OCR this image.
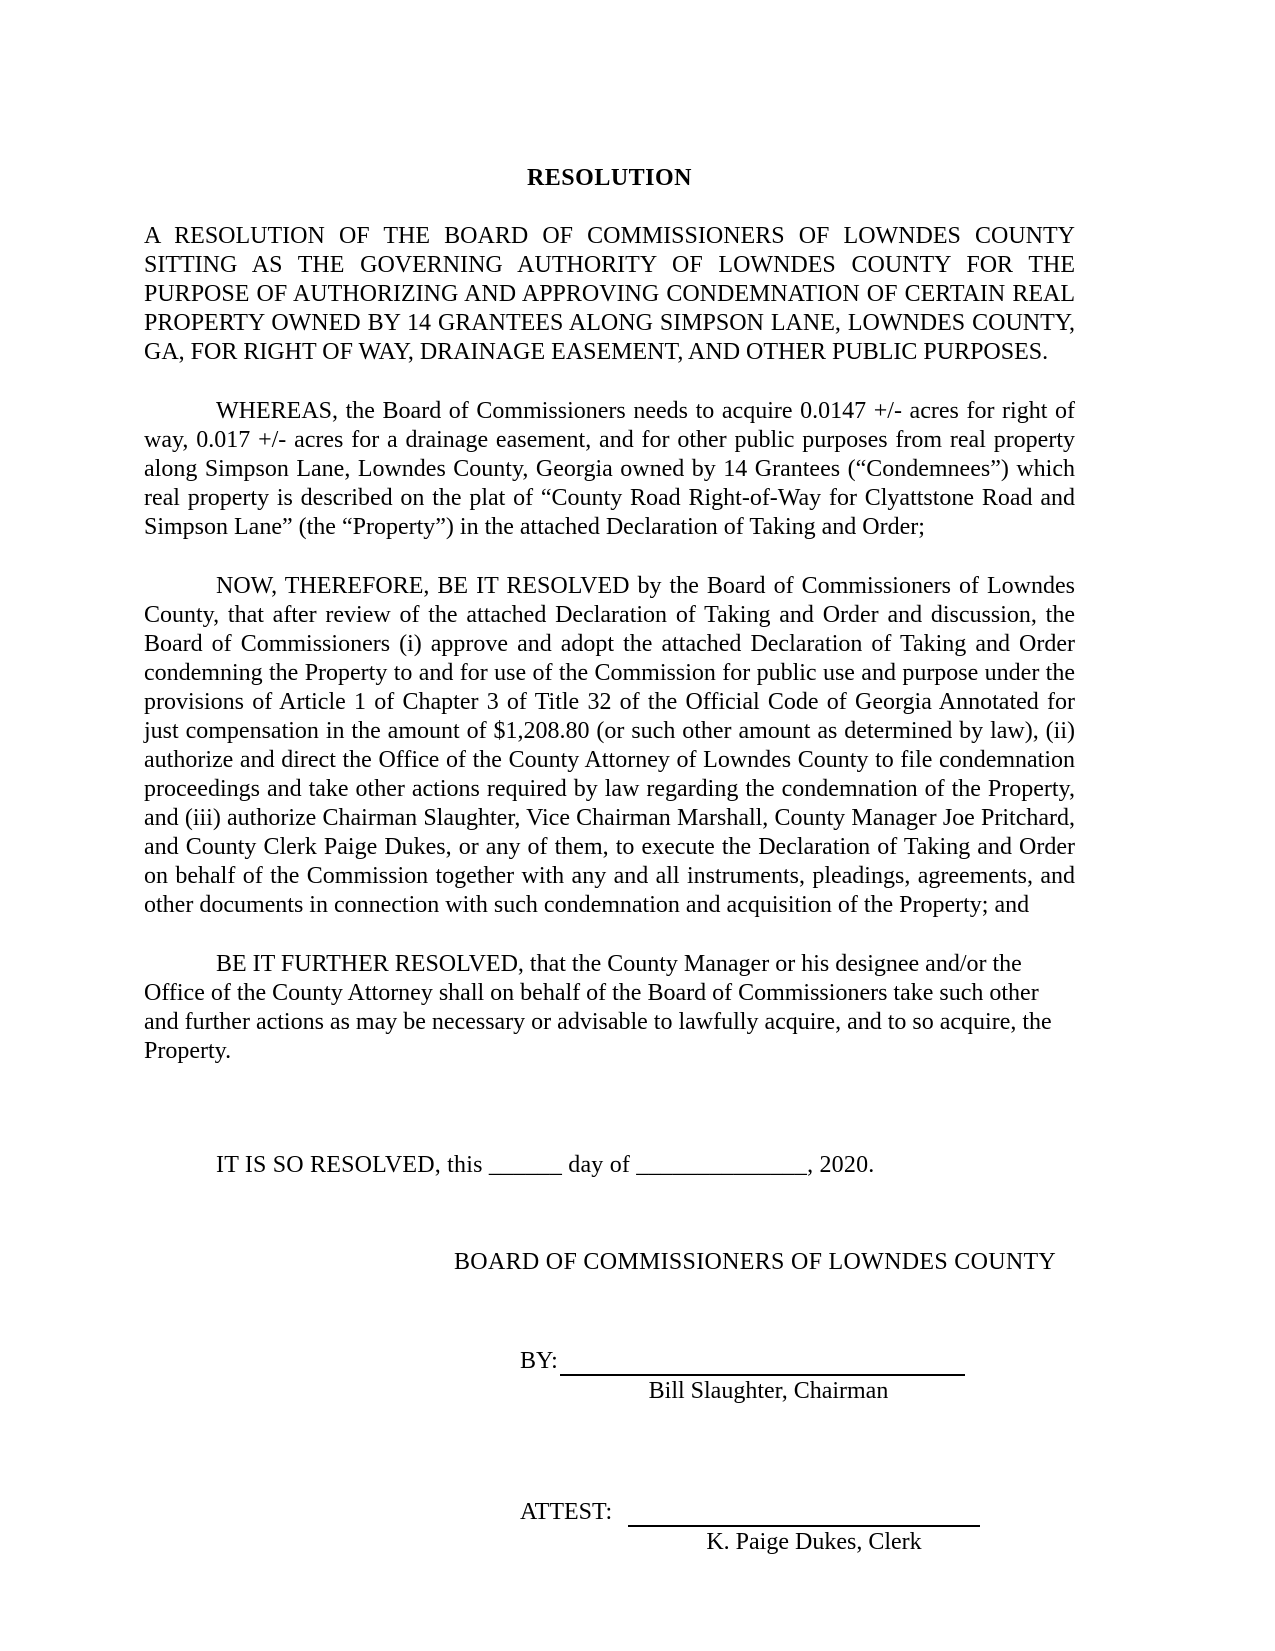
RESOLUTION

A RESOLUTION OF THE BOARD OF COMMISSIONERS OF LOWNDES COUNTY SITTING AS THE GOVERNING AUTHORITY OF LOWNDES COUNTY FOR THE PURPOSE OF AUTHORIZING AND APPROVING CONDEMNATION OF CERTAIN REAL PROPERTY OWNED BY 14 GRANTEES ALONG SIMPSON LANE, LOWNDES COUNTY, GA, FOR RIGHT OF WAY, DRAINAGE EASEMENT, AND OTHER PUBLIC PURPOSES.

WHEREAS, the Board of Commissioners needs to acquire 0.0147 +/- acres for right of way, 0.017 +/- acres for a drainage easement, and for other public purposes from real property along Simpson Lane, Lowndes County, Georgia owned by 14 Grantees (“Condemnees”) which real property is described on the plat of “County Road Right-of-Way for Clyattstone Road and Simpson Lane” (the “Property”) in the attached Declaration of Taking and Order;

NOW, THEREFORE, BE IT RESOLVED by the Board of Commissioners of Lowndes County, that after review of the attached Declaration of Taking and Order and discussion, the Board of Commissioners (i) approve and adopt the attached Declaration of Taking and Order condemning the Property to and for use of the Commission for public use and purpose under the provisions of Article 1 of Chapter 3 of Title 32 of the Official Code of Georgia Annotated for just compensation in the amount of $1,208.80 (or such other amount as determined by law), (ii) authorize and direct the Office of the County Attorney of Lowndes County to file condemnation proceedings and take other actions required by law regarding the condemnation of the Property, and (iii) authorize Chairman Slaughter, Vice Chairman Marshall, County Manager Joe Pritchard, and County Clerk Paige Dukes, or any of them, to execute the Declaration of Taking and Order on behalf of the Commission together with any and all instruments, pleadings, agreements, and other documents in connection with such condemnation and acquisition of the Property; and

BE IT FURTHER RESOLVED, that the County Manager or his designee and/or the Office of the County Attorney shall on behalf of the Board of Commissioners take such other and further actions as may be necessary or advisable to lawfully acquire, and to so acquire, the Property.

IT IS SO RESOLVED, this ______ day of ______________, 2020.

BOARD OF COMMISSIONERS OF LOWNDES COUNTY
BY:
Bill Slaughter, Chairman
ATTEST:
K. Paige Dukes, Clerk
